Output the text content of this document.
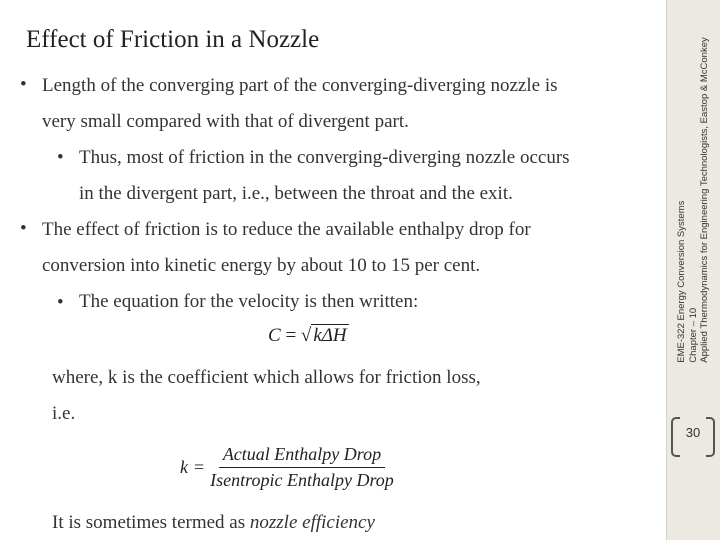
Effect of Friction in a Nozzle
• Length of the converging part of the converging-diverging nozzle is
very small compared with that of divergent part.

• Thus, most of friction in the converging-diverging nozzle occurs
in the divergent part, i.e., between the throat and the exit.

• The effect of friction is to reduce the available enthalpy drop for
conversion into kinetic energy by about 10 to 15 per cent.

• The equation for the velocity is then written:

C = √ kΔH

where, k is the coefficient which allows for friction loss,
i.e.

$k = \frac{\text{Actual Enthalpy Drop}}{\text{Isentropic Enthalpy Drop}}$
It is sometimes termed as nozzle efficiency
EME-322 Energy Conversion Systems Chapter – 10 Applied Thermodynamics for Engineering Technologists, Eastop & McConkey
30
